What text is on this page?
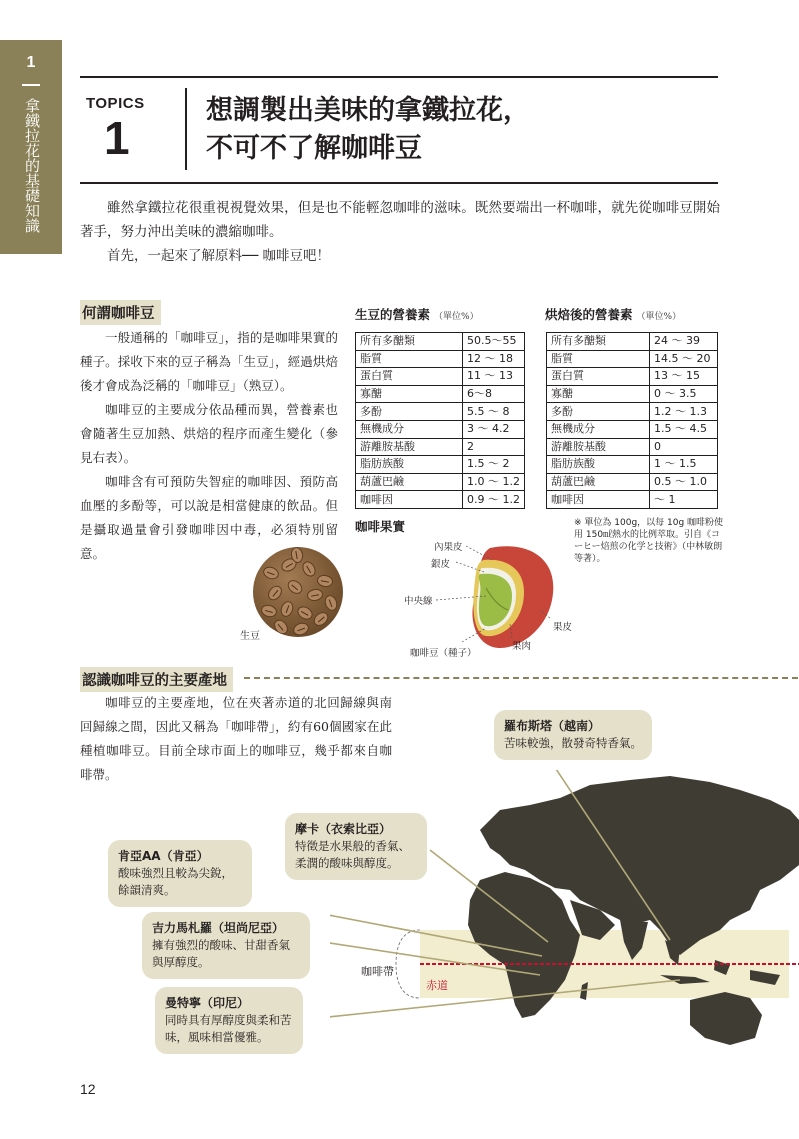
1
拿鐵拉花的基礎知識	TOPICS
1
想調製出美味的拿鐵拉花，
不可不了解咖啡豆

雖然拿鐵拉花很重視視覺效果，但是也不能輕忽咖啡的滋味。既然要端出一杯咖啡，就先從咖啡豆開始著手，努力沖出美味的濃縮咖啡。

首先，一起來了解原料── 咖啡豆吧！

何謂咖啡豆

一般通稱的「咖啡豆」，指的是咖啡果實的種子。採收下來的豆子稱為「生豆」，經過烘焙後才會成為泛稱的「咖啡豆」（熟豆）。

咖啡豆的主要成分依品種而異，營養素也會隨著生豆加熱、烘焙的程序而產生變化（參見右表）。

咖啡含有可預防失智症的咖啡因、預防高血壓的多酚等，可以說是相當健康的飲品。但是攝取過量會引發咖啡因中毒，必須特別留意。

生豆
生豆的營養素 （單位%）
所有多醣類	50.5～55
脂質	12 ～ 18
蛋白質	11 ～ 13
寡醣	6～8
多酚	5.5 ～ 8
無機成分	3 ～ 4.2
游離胺基酸	2
脂肪族酸	1.5 ～ 2
葫蘆巴鹼	1.0 ～ 1.2
咖啡因	0.9 ～ 1.2
烘焙後的營養素 （單位%）
所有多醣類	24 ～ 39
脂質	14.5 ～ 20
蛋白質	13 ～ 15
寡醣	0 ～ 3.5
多酚	1.2 ～ 1.3
無機成分	1.5 ～ 4.5
游離胺基酸	0
脂肪族酸	1 ～ 1.5
葫蘆巴鹼	0.5 ～ 1.0
咖啡因	～ 1
※ 單位為 100g，以每 10g 咖啡粉使用 150㎖熱水的比例萃取。引自《コーヒー焙煎の化学と技術》（中林敏朗等著）。
咖啡果實
內果皮
銀皮
中央線
咖啡豆（種子）
果肉
果皮
認識咖啡豆的主要產地

咖啡豆的主要產地，位在夾著赤道的北回歸線與南回歸線之間，因此又稱為「咖啡帶」，約有60個國家在此種植咖啡豆。目前全球市面上的咖啡豆，幾乎都來自咖啡帶。

咖啡帶
赤道
羅布斯塔（越南）
苦味較強，散發奇特香氣。
摩卡（衣索比亞）
特徵是水果般的香氣、柔潤的酸味與醇度。
肯亞AA（肯亞）
酸味強烈且較為尖銳，餘韻清爽。
吉力馬札羅（坦尚尼亞）
擁有強烈的酸味、甘甜香氣與厚醇度。
曼特寧（印尼）
同時具有厚醇度與柔和苦味，風味相當優雅。
12
